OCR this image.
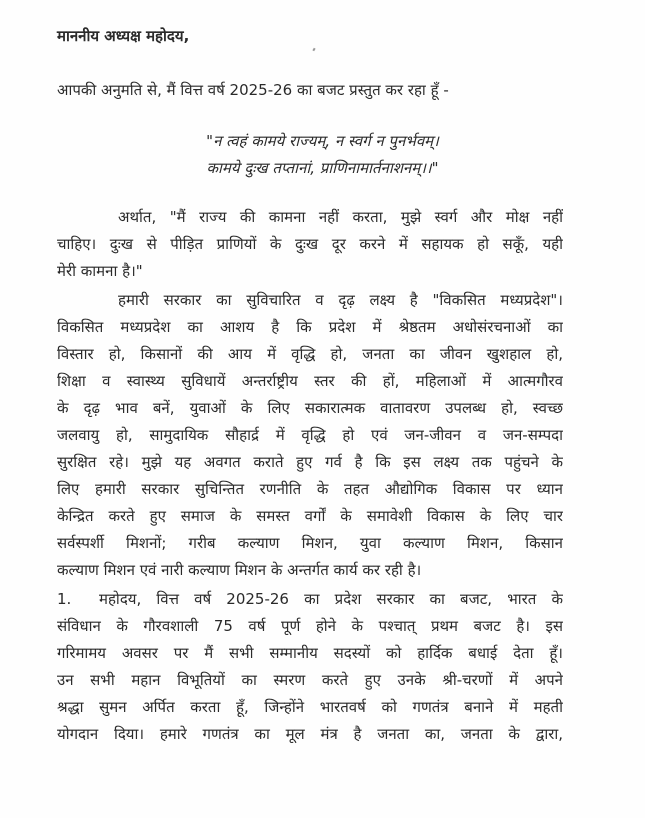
माननीय अध्यक्ष महोदय,
आपकी अनुमति से, मैं वित्त वर्ष 2025-26 का बजट प्रस्तुत कर रहा हूँ -
"न त्वहं कामये राज्यम्, न स्वर्ग न पुनर्भवम्।
कामये दुःख तप्तानां, प्राणिनामार्तनाशनम्।।"
अर्थात, "मैं राज्य की कामना नहीं करता, मुझे स्वर्ग और मोक्ष नहीं
चाहिए। दुःख से पीड़ित प्राणियों के दुःख दूर करने में सहायक हो सकूँ, यही
मेरी कामना है।"
हमारी सरकार का सुविचारित व दृढ़ लक्ष्य है "विकसित मध्यप्रदेश"।
विकसित मध्यप्रदेश का आशय है कि प्रदेश में श्रेष्ठतम अधोसंरचनाओं का
विस्तार हो, किसानों की आय में वृद्धि हो, जनता का जीवन खुशहाल हो,
शिक्षा व स्वास्थ्य सुविधायें अन्तर्राष्ट्रीय स्तर की हों, महिलाओं में आत्मगौरव
के दृढ़ भाव बनें, युवाओं के लिए सकारात्मक वातावरण उपलब्ध हो, स्वच्छ
जलवायु हो, सामुदायिक सौहार्द्र में वृद्धि हो एवं जन-जीवन व जन-सम्पदा
सुरक्षित रहे। मुझे यह अवगत कराते हुए गर्व है कि इस लक्ष्य तक पहुंचने के
लिए हमारी सरकार सुचिन्तित रणनीति के तहत औद्योगिक विकास पर ध्यान
केन्द्रित करते हुए समाज के समस्त वर्गों के समावेशी विकास के लिए चार
सर्वस्पर्शी मिशनों; गरीब कल्याण मिशन, युवा कल्याण मिशन, किसान
कल्याण मिशन एवं नारी कल्याण मिशन के अन्तर्गत कार्य कर रही है।
1.	महोदय, वित्त वर्ष 2025-26 का प्रदेश सरकार का बजट, भारत के
संविधान के गौरवशाली 75 वर्ष पूर्ण होने के पश्चात् प्रथम बजट है। इस
गरिमामय अवसर पर मैं सभी सम्मानीय सदस्यों को हार्दिक बधाई देता हूँ।
उन सभी महान विभूतियों का स्मरण करते हुए उनके श्री-चरणों में अपने
श्रद्धा सुमन अर्पित करता हूँ, जिन्होंने भारतवर्ष को गणतंत्र बनाने में महती
योगदान दिया। हमारे गणतंत्र का मूल मंत्र है जनता का, जनता के द्वारा,
